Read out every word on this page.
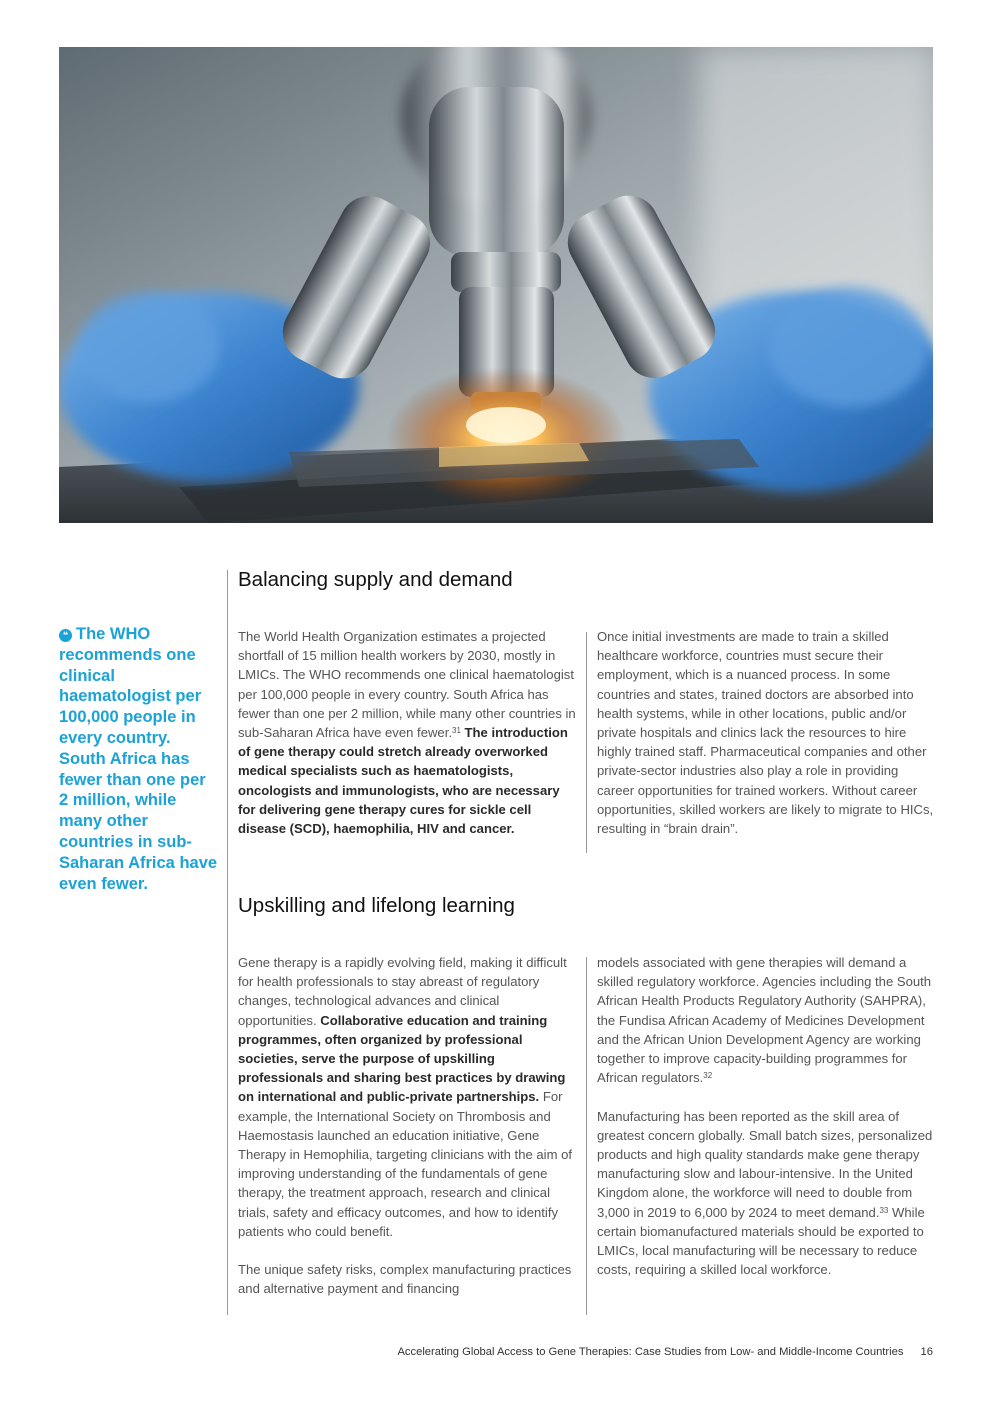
Balancing supply and demand
❝ The WHO recommends one clinical haematologist per 100,000 people in every country. South Africa has fewer than one per 2 million, while many other countries in sub-Saharan Africa have even fewer.

The World Health Organization estimates a projected shortfall of 15 million health workers by 2030, mostly in LMICs. The WHO recommends one clinical haematologist per 100,000 people in every country. South Africa has fewer than one per 2 million, while many other countries in sub-Saharan Africa have even fewer.$^{31}$ The introduction of gene therapy could stretch already overworked medical specialists such as haematologists, oncologists and immunologists, who are necessary for delivering gene therapy cures for sickle cell disease (SCD), haemophilia, HIV and cancer.

Once initial investments are made to train a skilled healthcare workforce, countries must secure their employment, which is a nuanced process. In some countries and states, trained doctors are absorbed into health systems, while in other locations, public and/or private hospitals and clinics lack the resources to hire highly trained staff. Pharmaceutical companies and other private-sector industries also play a role in providing career opportunities for trained workers. Without career opportunities, skilled workers are likely to migrate to HICs, resulting in “brain drain”.

Upskilling and lifelong learning

Gene therapy is a rapidly evolving field, making it difficult for health professionals to stay abreast of regulatory changes, technological advances and clinical opportunities. Collaborative education and training programmes, often organized by professional societies, serve the purpose of upskilling professionals and sharing best practices by drawing on international and public-private partnerships. For example, the International Society on Thrombosis and Haemostasis launched an education initiative, Gene Therapy in Hemophilia, targeting clinicians with the aim of improving understanding of the fundamentals of gene therapy, the treatment approach, research and clinical trials, safety and efficacy outcomes, and how to identify patients who could benefit.

The unique safety risks, complex manufacturing practices and alternative payment and financing

models associated with gene therapies will demand a skilled regulatory workforce. Agencies including the South African Health Products Regulatory Authority (SAHPRA), the Fundisa African Academy of Medicines Development and the African Union Development Agency are working together to improve capacity-building programmes for African regulators.$^{32}$

Manufacturing has been reported as the skill area of greatest concern globally. Small batch sizes, personalized products and high quality standards make gene therapy manufacturing slow and labour-intensive. In the United Kingdom alone, the workforce will need to double from 3,000 in 2019 to 6,000 by 2024 to meet demand.$^{33}$ While certain biomanufactured materials should be exported to LMICs, local manufacturing will be necessary to reduce costs, requiring a skilled local workforce.

Accelerating Global Access to Gene Therapies: Case Studies from Low- and Middle-Income Countries 16
